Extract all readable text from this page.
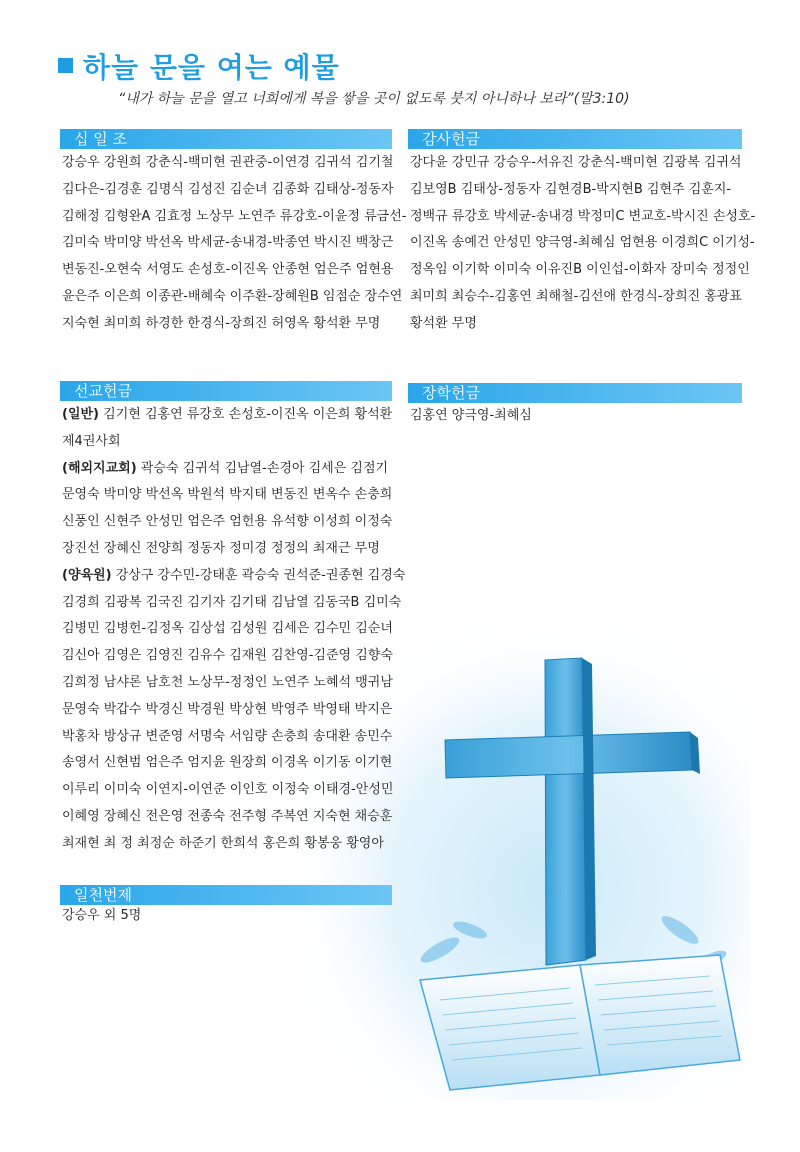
하늘 문을 여는 예물
“내가 하늘 문을 열고 너희에게 복을 쌓을 곳이 없도록 붓지 아니하나 보라”(말3:10)
십 일 조
강승우 강원희 강춘식-백미현 권관중-이연경 김귀석 김기철
김다은-김경훈 김명식 김성진 김순녀 김종화 김태상-정동자
김해정 김형완A 김효정 노상무 노연주 류강호-이윤정 류금선-
김미숙 박미양 박선옥 박세균-송내경-박종연 박시진 백창근
변동진-오현숙 서영도 손성호-이진옥 안종현 엄은주 엄현용
윤은주 이은희 이종관-배혜숙 이주환-장혜원B 임점순 장수연
지숙현 최미희 하경한 한경식-장희진 허영옥 황석환 무명
감사헌금
강다윤 강민규 강승우-서유진 강춘식-백미현 김광복 김귀석
김보영B 김태상-정동자 김현경B-박지현B 김현주 김훈지-
정백규 류강호 박세균-송내경 박정미C 변교호-박시진 손성호-
이진옥 송예건 안성민 양극영-최혜심 엄현용 이경희C 이기성-
정옥임 이기학 이미숙 이유진B 이인섭-이화자 장미숙 정정인
최미희 최승수-김홍연 최해철-김선애 한경식-장희진 홍광표
황석환 무명
선교헌금
(일반) 김기현 김홍연 류강호 손성호-이진옥 이은희 황석환
제4권사회
(해외지교회) 곽승숙 김귀석 김남열-손경아 김세은 김점기
문영숙 박미양 박선옥 박원석 박지태 변동진 변옥수 손충희
신풍인 신현주 안성민 엄은주 엄헌용 유석향 이성희 이정숙
장진선 장혜신 전양희 정동자 정미경 정정의 최재근 무명
(양육원) 강상구 강수민-강태훈 곽승숙 권석준-권종현 김경숙
김경희 김광복 김국진 김기자 김기태 김남열 김동국B 김미숙
김병민 김병헌-김정옥 김상섭 김성원 김세은 김수민 김순녀
김신아 김영은 김영진 김유수 김재원 김찬영-김준영 김향숙
김희정 남샤론 남호천 노상무-정정인 노연주 노혜석 맹귀남
문영숙 박갑수 박경신 박경원 박상현 박영주 박영태 박지은
박홍차 방상규 변준영 서명숙 서임량 손충희 송대환 송민수
송영서 신현범 엄은주 엄지윤 원장희 이경옥 이기동 이기현
이루리 이미숙 이연지-이연준 이인호 이정숙 이태경-안성민
이혜영 장혜신 전은영 전종숙 전주형 주복연 지숙현 채승훈
최재현 최 정 최정순 하준기 한희석 홍은희 황봉웅 황영아
장학헌금
김홍연 양극영-최혜심
일천번제
강승우 외 5명
